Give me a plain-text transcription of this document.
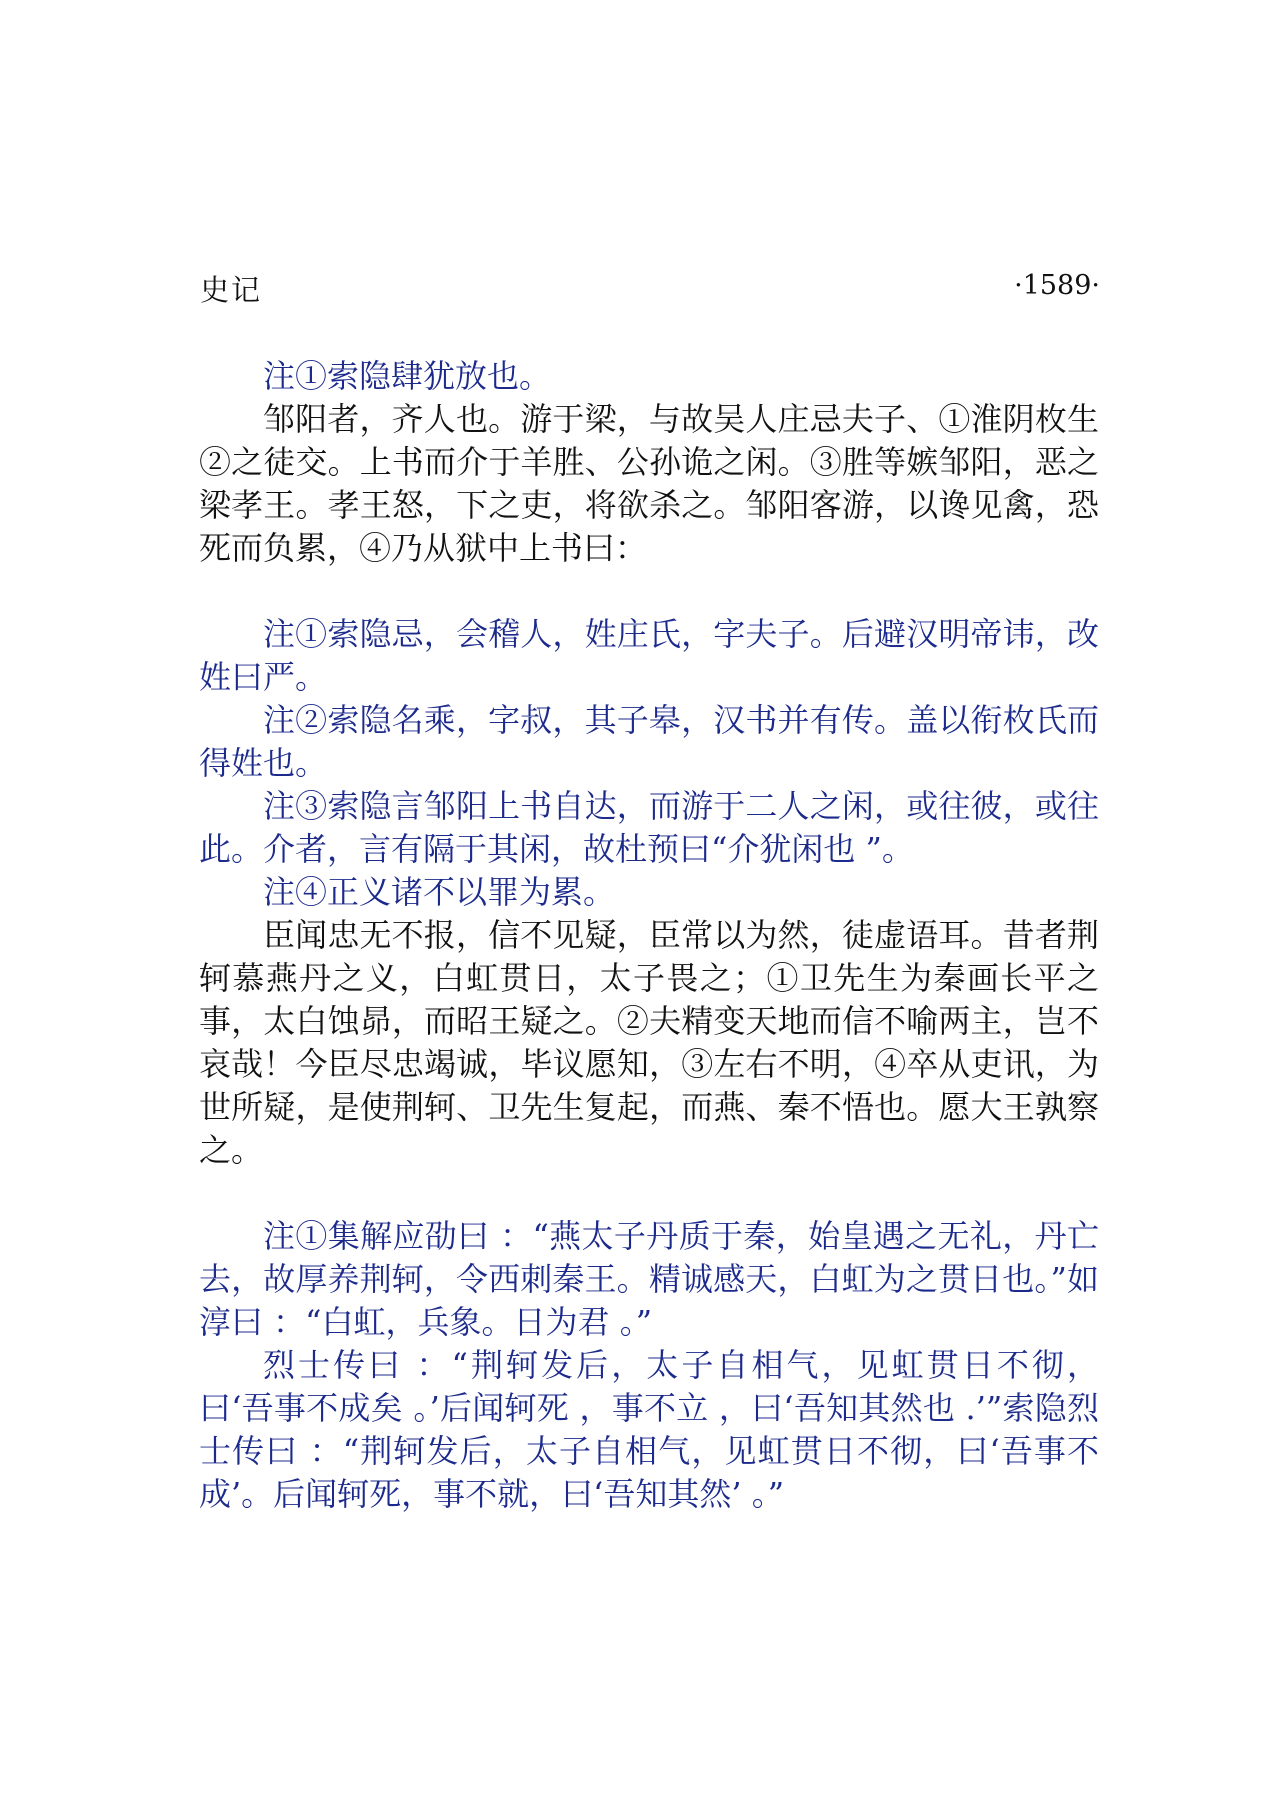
史记	·1589·

注①索隐肆犹放也。

邹阳者，齐人也。游于梁，与故吴人庄忌夫子、①淮阴枚生②之徒交。上书而介于羊胜、公孙诡之闲。③胜等嫉邹阳，恶之梁孝王。孝王怒，下之吏，将欲杀之。邹阳客游，以谗见禽，恐死而负累，④乃从狱中上书曰：

注①索隐忌，会稽人，姓庄氏，字夫子。后避汉明帝讳，改姓曰严。

注②索隐名乘，字叔，其子皋，汉书并有传。盖以衔枚氏而得姓也。

注③索隐言邹阳上书自达，而游于二人之闲，或往彼，或往此。介者，言有隔于其闲，故杜预曰“介犹闲也 ”。

注④正义诸不以罪为累。

臣闻忠无不报，信不见疑，臣常以为然，徒虚语耳。昔者荆轲慕燕丹之义，白虹贯日，太子畏之；①卫先生为秦画长平之事，太白蚀昴，而昭王疑之。②夫精变天地而信不喻两主，岂不哀哉！今臣尽忠竭诚，毕议愿知，③左右不明，④卒从吏讯，为世所疑，是使荆轲、卫先生复起，而燕、秦不悟也。愿大王孰察之。

注①集解应劭曰 ：“燕太子丹质于秦，始皇遇之无礼，丹亡去，故厚养荆轲，令西刺秦王。精诚感天，白虹为之贯日也。”如淳曰 ：“白虹，兵象。日为君 。”

烈士传曰 ：“荆轲发后，太子自相气，见虹贯日不彻，曰‘吾事不成矣 。’后闻轲死 ，事不立 ，曰‘吾知其然也 .’”索隐烈士传曰 ：“荆轲发后，太子自相气，见虹贯日不彻，曰‘吾事不成’。后闻轲死，事不就，曰‘吾知其然’ 。”
